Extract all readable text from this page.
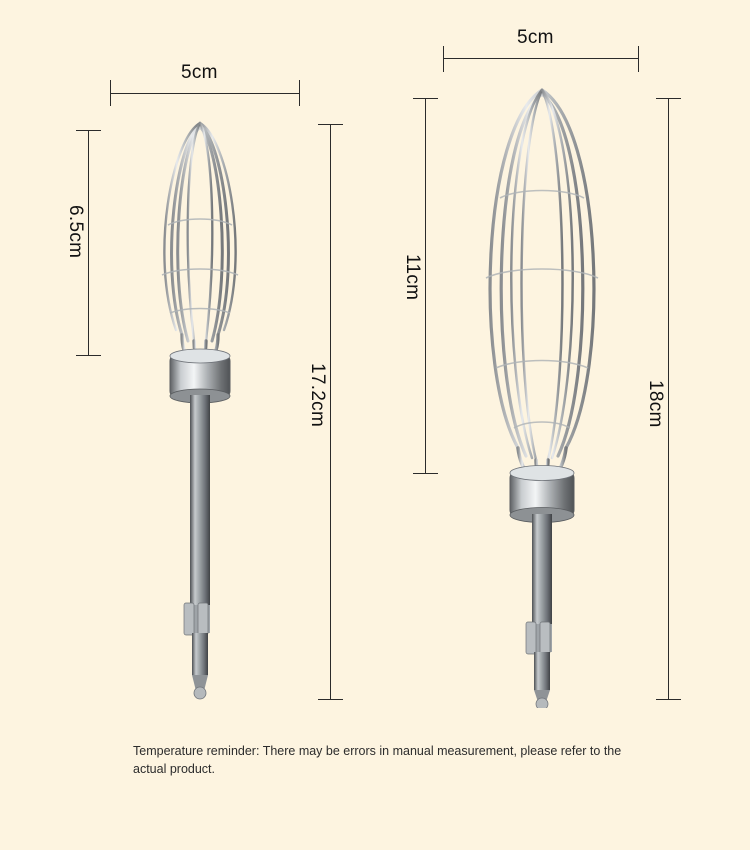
5cm
6.5cm
17.2cm
5cm
11cm
18cm
Temperature reminder: There may be errors in manual measurement, please refer to the actual product.
